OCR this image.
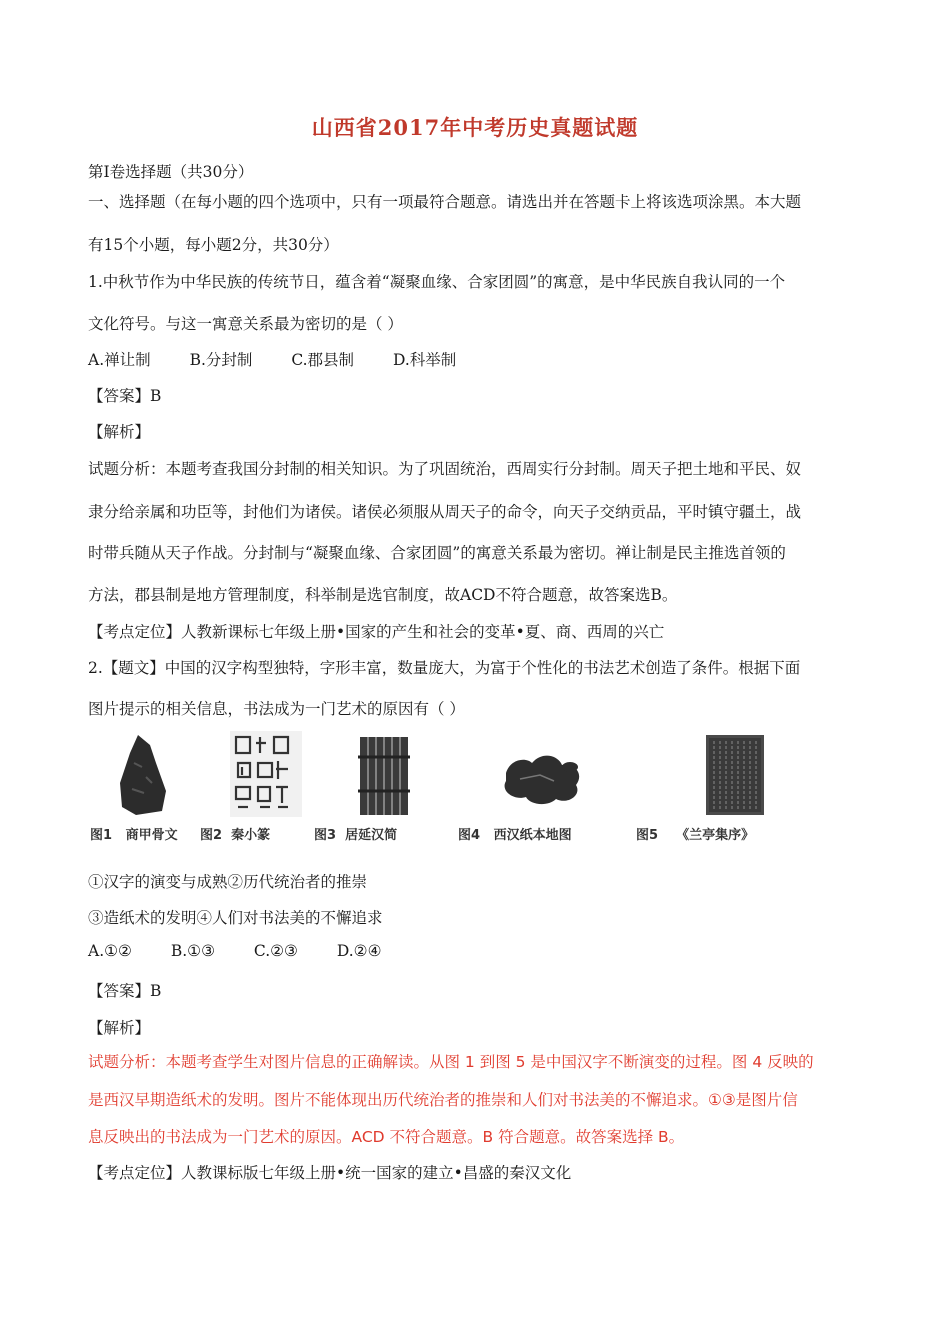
山西省2017年中考历史真题试题
第Ⅰ卷选择题（共30分）
一、选择题（在每小题的四个选项中，只有一项最符合题意。请选出并在答题卡上将该选项涂黑。本大题
有15个小题，每小题2分，共30分）
1.中秋节作为中华民族的传统节日，蕴含着“凝聚血缘、合家团圆”的寓意，是中华民族自我认同的一个
文化符号。与这一寓意关系最为密切的是（ ）
A.禅让制	B.分封制	C.郡县制	D.科举制
【答案】B
【解析】
试题分析：本题考查我国分封制的相关知识。为了巩固统治，西周实行分封制。周天子把土地和平民、奴
隶分给亲属和功臣等，封他们为诸侯。诸侯必须服从周天子的命令，向天子交纳贡品，平时镇守疆土，战
时带兵随从天子作战。分封制与“凝聚血缘、合家团圆”的寓意关系最为密切。禅让制是民主推选首领的
方法，郡县制是地方管理制度，科举制是选官制度，故ACD不符合题意，故答案选B。
【考点定位】人教新课标七年级上册•国家的产生和社会的变革•夏、商、西周的兴亡
2.【题文】中国的汉字构型独特，字形丰富，数量庞大，为富于个性化的书法艺术创造了条件。根据下面
图片提示的相关信息，书法成为一门艺术的原因有（ ）
图1 商甲骨文 图2 秦小篆	图3 居延汉简	图4 西汉纸本地图	图5 《兰亭集序》
①汉字的演变与成熟②历代统治者的推崇
③造纸术的发明④人们对书法美的不懈追求
A.①②	B.①③	C.②③	D.②④
【答案】B
【解析】
试题分析：本题考查学生对图片信息的正确解读。从图 1 到图 5 是中国汉字不断演变的过程。图 4 反映的
是西汉早期造纸术的发明。图片不能体现出历代统治者的推崇和人们对书法美的不懈追求。①③是图片信
息反映出的书法成为一门艺术的原因。ACD 不符合题意。B 符合题意。故答案选择 B。
【考点定位】人教课标版七年级上册•统一国家的建立•昌盛的秦汉文化
